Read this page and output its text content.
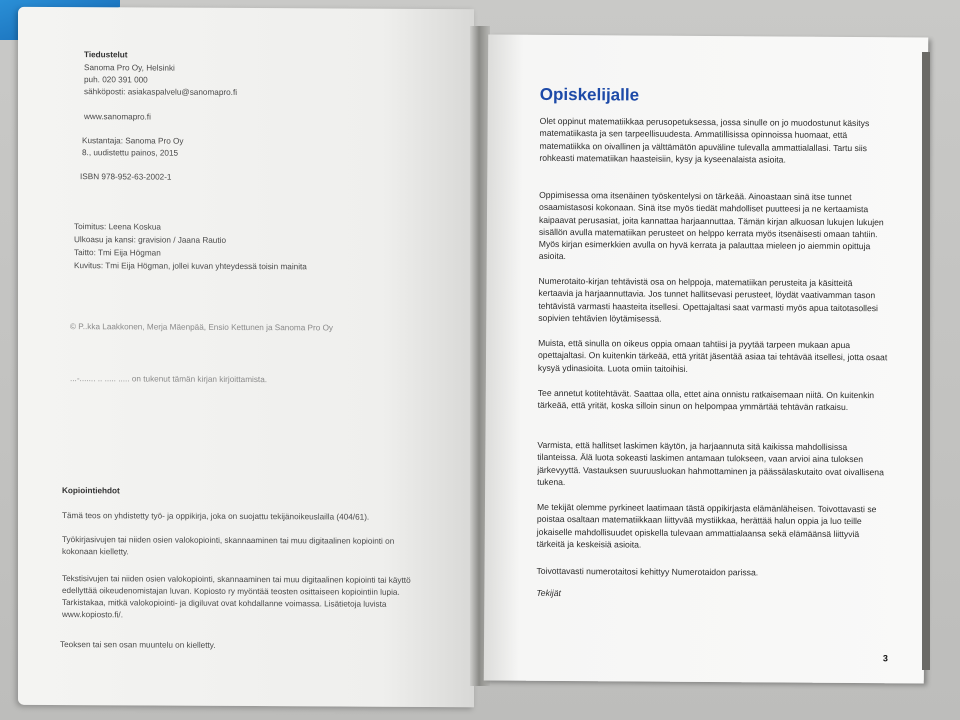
Tiedustelut
Sanoma Pro Oy, Helsinki
puh. 020 391 000
sähköposti: asiakaspalvelu@sanomapro.fi
www.sanomapro.fi
Kustantaja: Sanoma Pro Oy
8., uudistettu painos, 2015
ISBN 978-952-63-2002-1
Toimitus: Leena Koskua
Ulkoasu ja kansi: gravision / Jaana Rautio
Taitto: Tmi Eija Högman
Kuvitus: Tmi Eija Högman, jollei kuvan yhteydessä toisin mainita
© P..kka Laakkonen, Merja Mäenpää, Ensio Kettunen ja Sanoma Pro Oy
...-....... .. ..... ..... on tukenut tämän kirjan kirjoittamista.
Kopiointiehdot
Tämä teos on yhdistetty työ- ja oppikirja, joka on suojattu tekijänoikeuslailla (404/61).
Työkirjasivujen tai niiden osien valokopiointi, skannaaminen tai muu digitaalinen kopiointi on kokonaan kielletty.
Tekstisivujen tai niiden osien valokopiointi, skannaaminen tai muu digitaalinen kopiointi tai käyttö edellyttää oikeudenomistajan luvan. Kopiosto ry myöntää teosten osittaiseen kopiointiin lupia. Tarkistakaa, mitkä valokopiointi- ja digiluvat ovat kohdallanne voimassa. Lisätietoja luvista www.kopiosto.fi/.
Teoksen tai sen osan muuntelu on kielletty.
Opiskelijalle

Olet oppinut matematiikkaa perusopetuksessa, jossa sinulle on jo muodostunut käsitys matematiikasta ja sen tarpeellisuudesta. Ammatillisissa opinnoissa huomaat, että matematiikka on oivallinen ja välttämätön apuväline tulevalla ammattialallasi. Tartu siis rohkeasti matematiikan haasteisiin, kysy ja kyseenalaista asioita.

Oppimisessa oma itsenäinen työskentelysi on tärkeää. Ainoastaan sinä itse tunnet osaamistasosi kokonaan. Sinä itse myös tiedät mahdolliset puutteesi ja ne kertaamista kaipaavat perusasiat, joita kannattaa harjaannuttaa. Tämän kirjan alkuosan lukujen lukujen sisällön avulla matematiikan perusteet on helppo kerrata myös itsenäisesti omaan tahtiin. Myös kirjan esimerkkien avulla on hyvä kerrata ja palauttaa mieleen jo aiemmin opittuja asioita.

Numerotaito-kirjan tehtävistä osa on helppoja, matematiikan perusteita ja käsitteitä kertaavia ja harjaannuttavia. Jos tunnet hallitsevasi perusteet, löydät vaativamman tason tehtävistä varmasti haasteita itsellesi. Opettajaltasi saat varmasti myös apua taitotasollesi sopivien tehtävien löytämisessä.

Muista, että sinulla on oikeus oppia omaan tahtiisi ja pyytää tarpeen mukaan apua opettajaltasi. On kuitenkin tärkeää, että yrität jäsentää asiaa tai tehtävää itsellesi, jotta osaat kysyä ydinasioita. Luota omiin taitoihisi.

Tee annetut kotitehtävät. Saattaa olla, ettet aina onnistu ratkaisemaan niitä. On kuitenkin tärkeää, että yrität, koska silloin sinun on helpompaa ymmärtää tehtävän ratkaisu.

Varmista, että hallitset laskimen käytön, ja harjaannuta sitä kaikissa mahdollisissa tilanteissa. Älä luota sokeasti laskimen antamaan tulokseen, vaan arvioi aina tuloksen järkevyyttä. Vastauksen suuruusluokan hahmottaminen ja päässälaskutaito ovat oivallisena tukena.

Me tekijät olemme pyrkineet laatimaan tästä oppikirjasta elämänläheisen. Toivottavasti se poistaa osaltaan matematiikkaan liittyvää mystiikkaa, herättää halun oppia ja luo teille jokaiselle mahdollisuudet opiskella tulevaan ammattialaansa sekä elämäänsä liittyviä tärkeitä ja keskeisiä asioita.

Toivottavasti numerotaitosi kehittyy Numerotaidon parissa.

Tekijät

3
